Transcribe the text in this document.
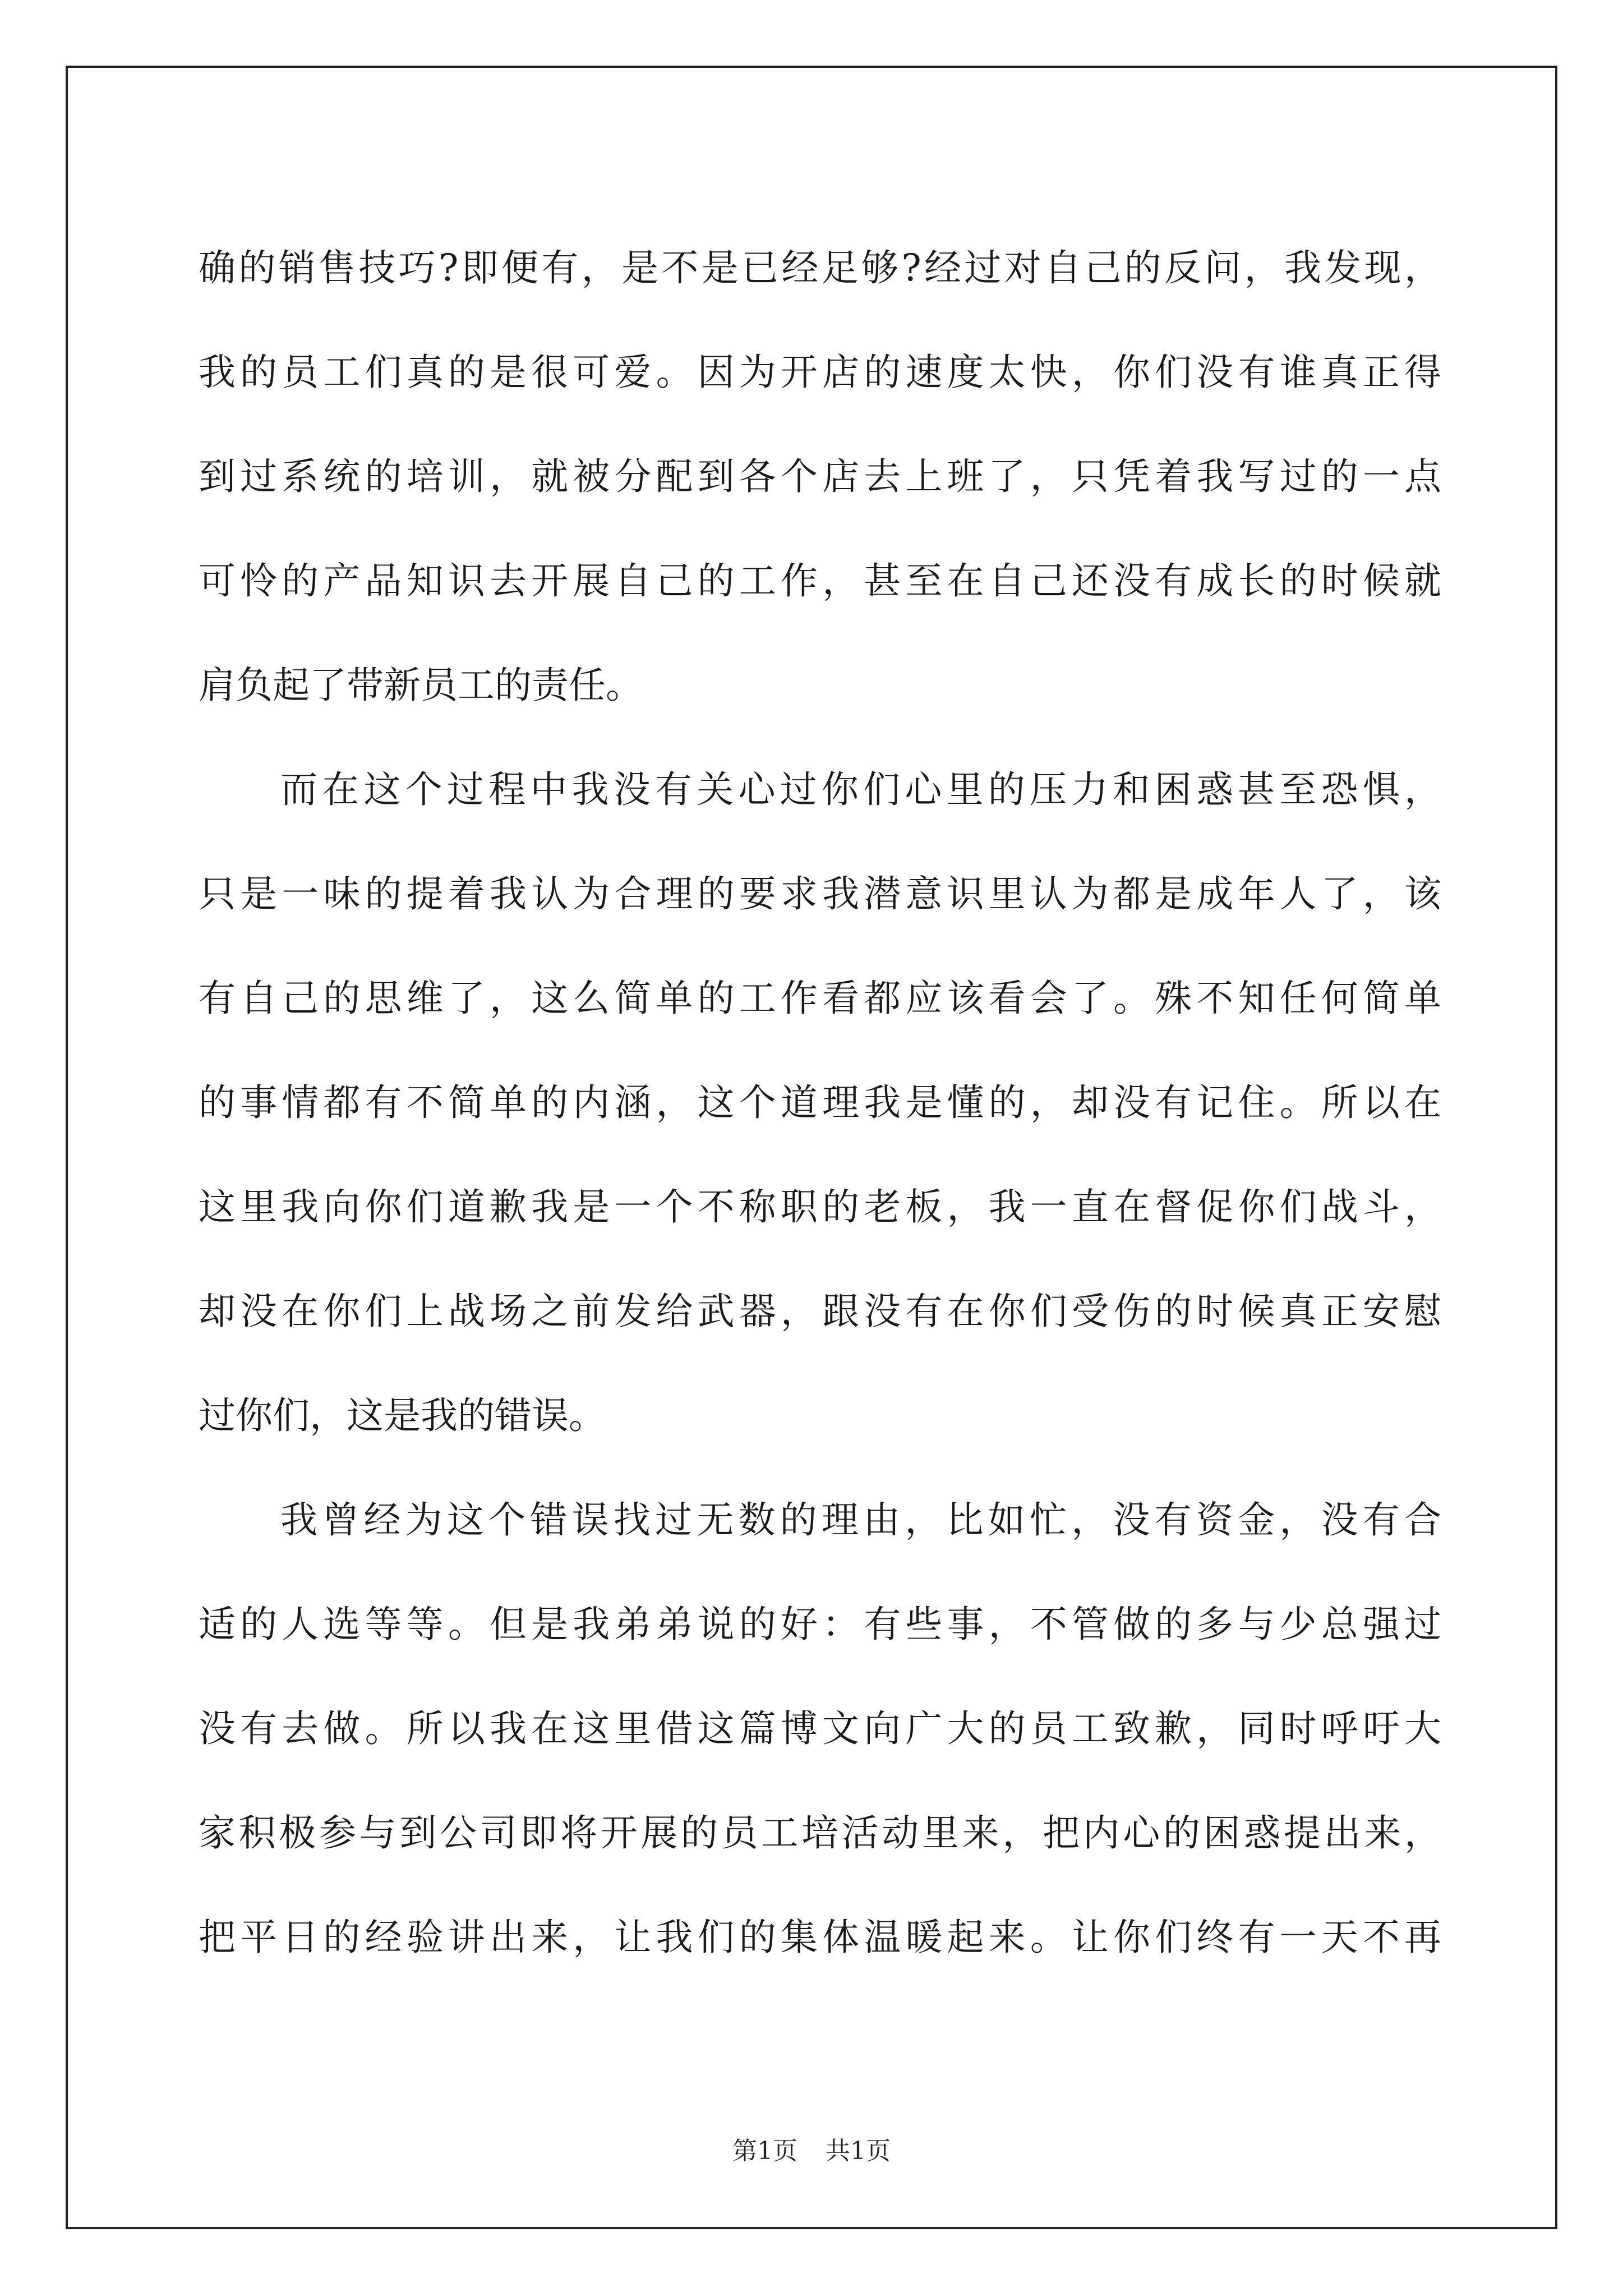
确的销售技巧?即便有，是不是已经足够?经过对自己的反问，我发现，
我的员工们真的是很可爱。因为开店的速度太快，你们没有谁真正得
到过系统的培训，就被分配到各个店去上班了，只凭着我写过的一点
可怜的产品知识去开展自己的工作，甚至在自己还没有成长的时候就
肩负起了带新员工的责任。
而在这个过程中我没有关心过你们心里的压力和困惑甚至恐惧，
只是一味的提着我认为合理的要求我潜意识里认为都是成年人了，该
有自己的思维了，这么简单的工作看都应该看会了。殊不知任何简单
的事情都有不简单的内涵，这个道理我是懂的，却没有记住。所以在
这里我向你们道歉我是一个不称职的老板，我一直在督促你们战斗，
却没在你们上战场之前发给武器，跟没有在你们受伤的时候真正安慰
过你们，这是我的错误。
我曾经为这个错误找过无数的理由，比如忙，没有资金，没有合
适的人选等等。但是我弟弟说的好：有些事，不管做的多与少总强过
没有去做。所以我在这里借这篇博文向广大的员工致歉，同时呼吁大
家积极参与到公司即将开展的员工培活动里来，把内心的困惑提出来，
把平日的经验讲出来，让我们的集体温暖起来。让你们终有一天不再
第1页 共1页
